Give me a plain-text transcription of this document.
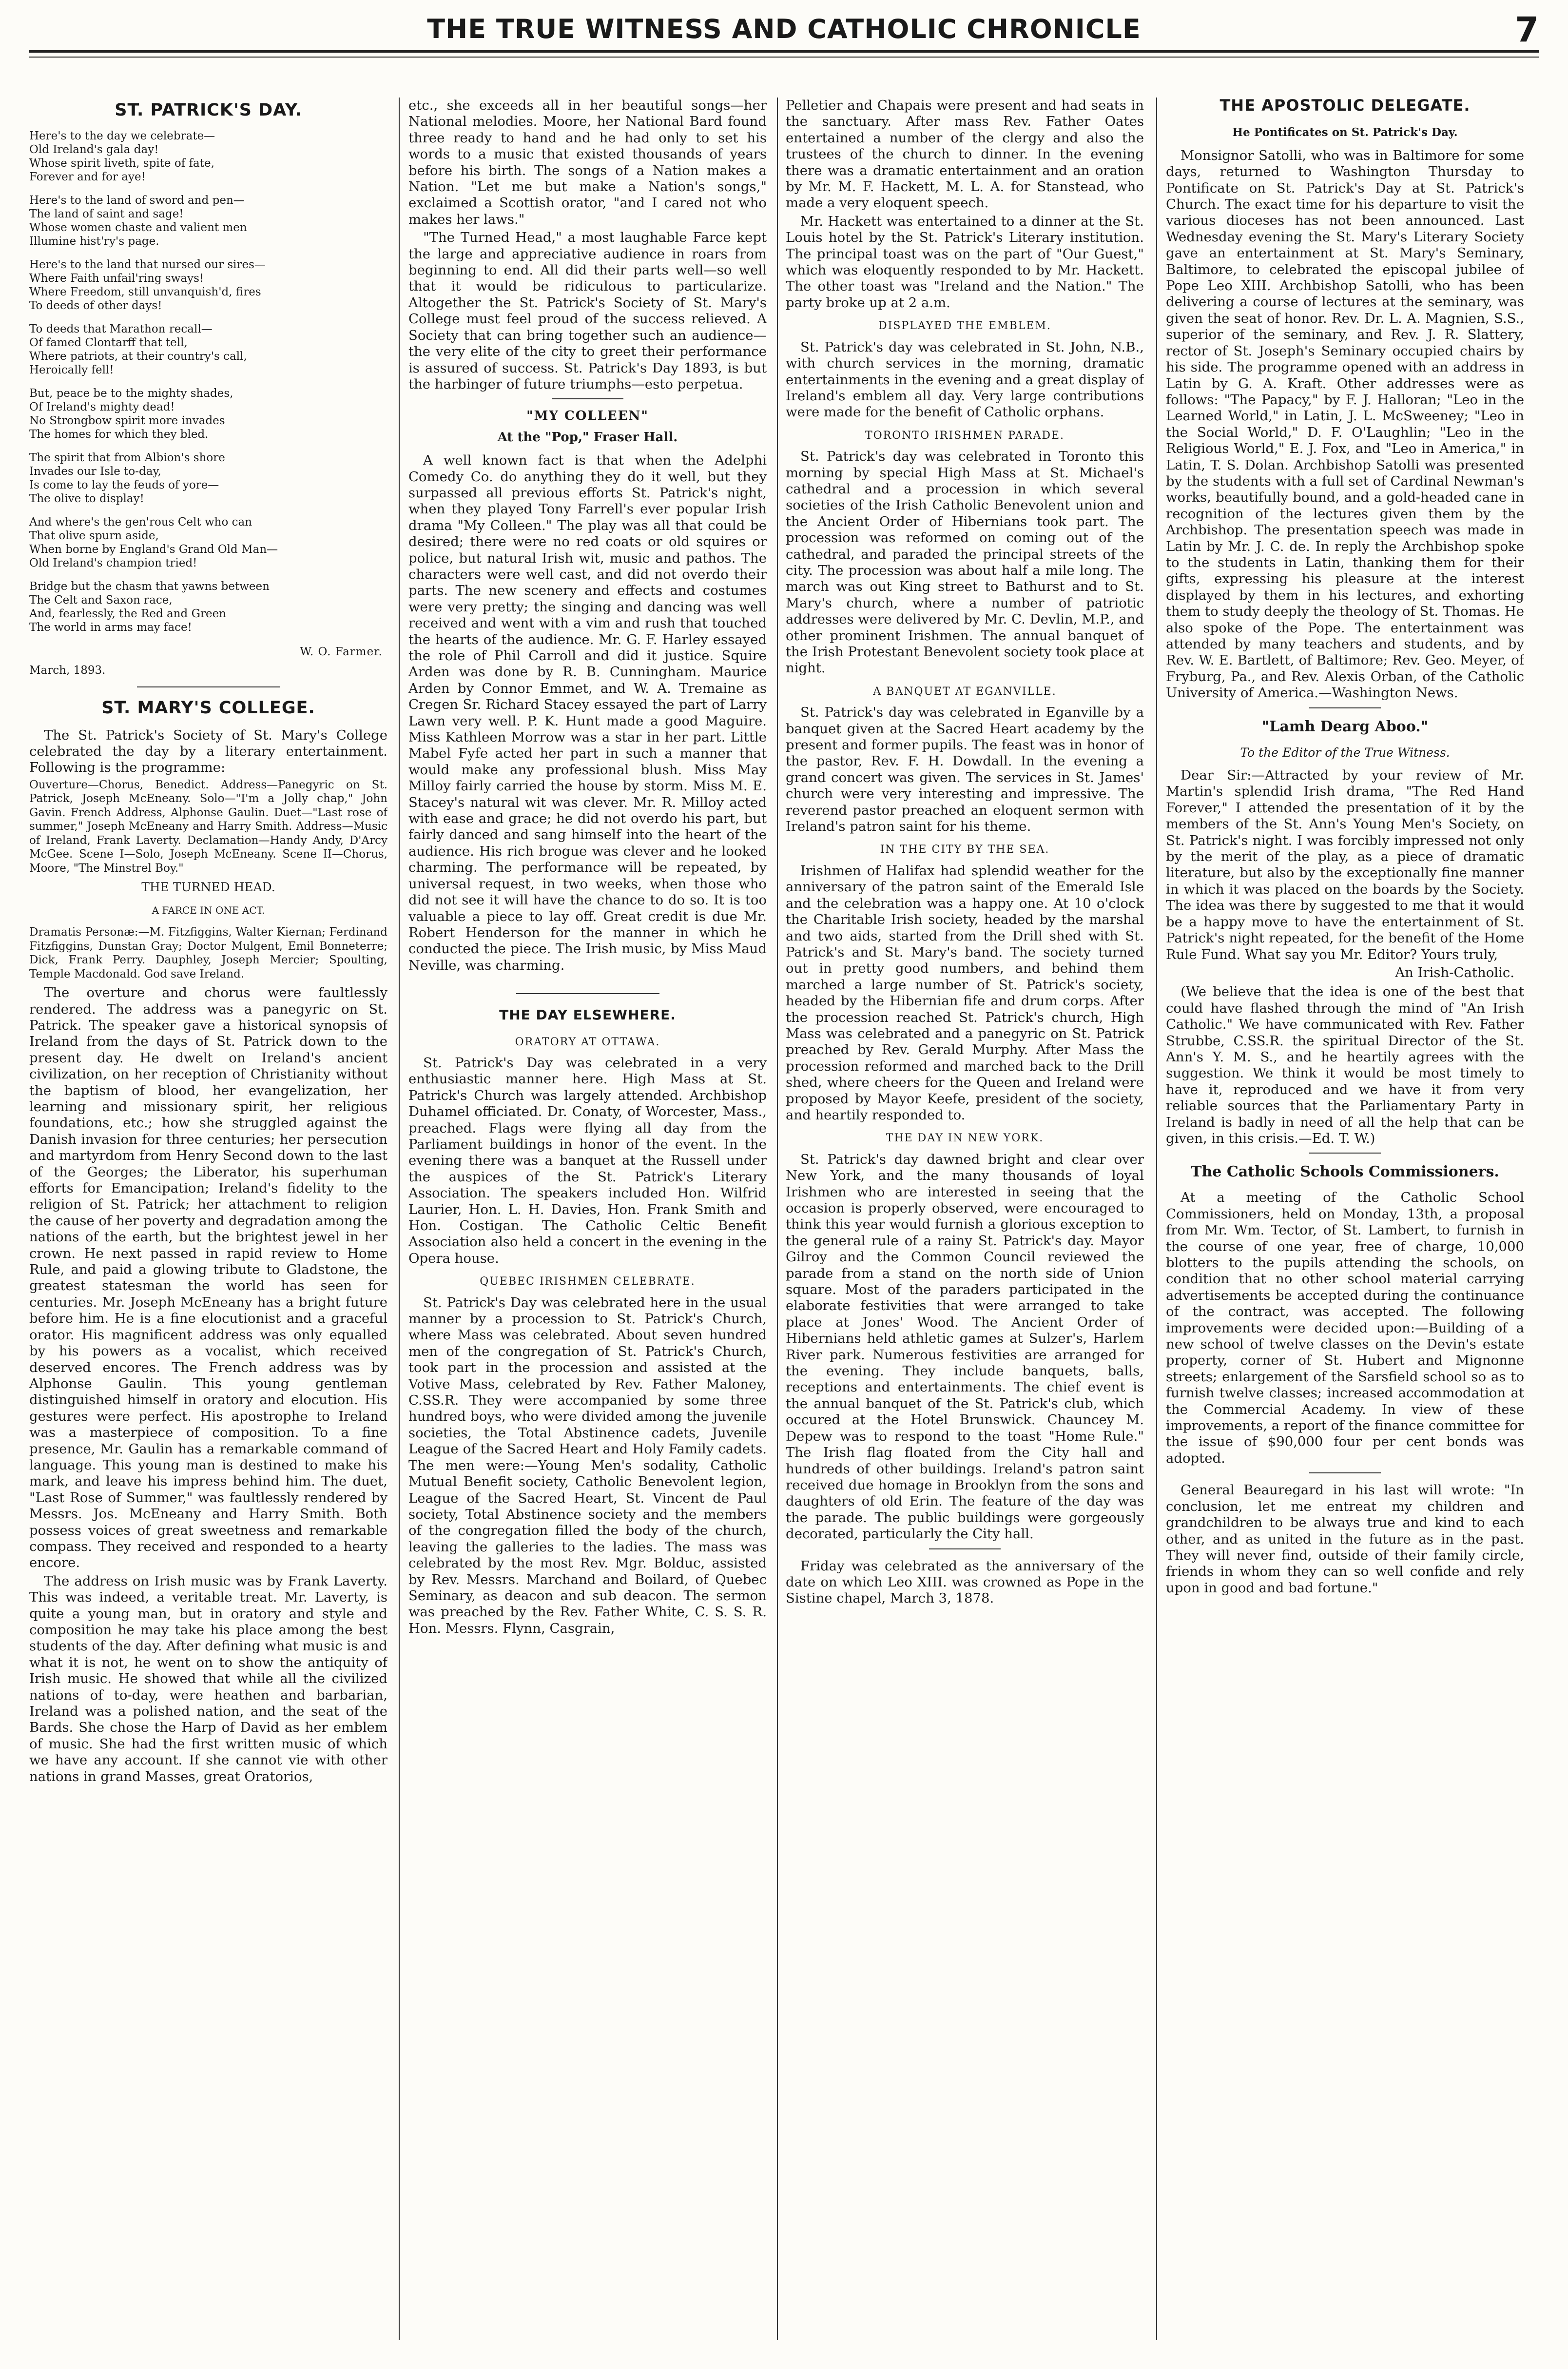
THE TRUE WITNESS AND CATHOLIC CHRONICLE	7
ST. PATRICK'S DAY.
Here's to the day we celebrate—
Old Ireland's gala day!
Whose spirit liveth, spite of fate,
Forever and for aye!
Here's to the land of sword and pen—
The land of saint and sage!
Whose women chaste and valient men
Illumine hist'ry's page.
Here's to the land that nursed our sires—
Where Faith unfail'ring sways!
Where Freedom, still unvanquish'd, fires
To deeds of other days!
To deeds that Marathon recall—
Of famed Clontarff that tell,
Where patriots, at their country's call,
Heroically fell!
But, peace be to the mighty shades,
Of Ireland's mighty dead!
No Strongbow spirit more invades
The homes for which they bled.
The spirit that from Albion's shore
Invades our Isle to-day,
Is come to lay the feuds of yore—
The olive to display!
And where's the gen'rous Celt who can
That olive spurn aside,
When borne by England's Grand Old Man—
Old Ireland's champion tried!
Bridge but the chasm that yawns between
The Celt and Saxon race,
And, fearlessly, the Red and Green
The world in arms may face!
W. O. Farmer.
March, 1893.
ST. MARY'S COLLEGE.

The St. Patrick's Society of St. Mary's College celebrated the day by a literary entertainment. Following is the programme:

Ouverture—Chorus, Benedict. Address—Panegyric on St. Patrick, Joseph McEneany. Solo—"I'm a Jolly chap," John Gavin. French Address, Alphonse Gaulin. Duet—"Last rose of summer," Joseph McEneany and Harry Smith. Address—Music of Ireland, Frank Laverty. Declamation—Handy Andy, D'Arcy McGee. Scene I—Solo, Joseph McEneany. Scene II—Chorus, Moore, "The Minstrel Boy."
THE TURNED HEAD.
A FARCE IN ONE ACT.
Dramatis Personæ:—M. Fitzfiggins, Walter Kiernan; Ferdinand Fitzfiggins, Dunstan Gray; Doctor Mulgent, Emil Bonneterre; Dick, Frank Perry. Dauphley, Joseph Mercier; Spoulting, Temple Macdonald. God save Ireland.

The overture and chorus were faultlessly rendered. The address was a panegyric on St. Patrick. The speaker gave a historical synopsis of Ireland from the days of St. Patrick down to the present day. He dwelt on Ireland's ancient civilization, on her reception of Christianity without the baptism of blood, her evangelization, her learning and missionary spirit, her religious foundations, etc.; how she struggled against the Danish invasion for three centuries; her persecution and martyrdom from Henry Second down to the last of the Georges; the Liberator, his superhuman efforts for Emancipation; Ireland's fidelity to the religion of St. Patrick; her attachment to religion the cause of her poverty and degradation among the nations of the earth, but the brightest jewel in her crown. He next passed in rapid review to Home Rule, and paid a glowing tribute to Gladstone, the greatest statesman the world has seen for centuries. Mr. Joseph McEneany has a bright future before him. He is a fine elocutionist and a graceful orator. His magnificent address was only equalled by his powers as a vocalist, which received deserved encores. The French address was by Alphonse Gaulin. This young gentleman distinguished himself in oratory and elocution. His gestures were perfect. His apostrophe to Ireland was a masterpiece of composition. To a fine presence, Mr. Gaulin has a remarkable command of language. This young man is destined to make his mark, and leave his impress behind him. The duet, "Last Rose of Summer," was faultlessly rendered by Messrs. Jos. McEneany and Harry Smith. Both possess voices of great sweetness and remarkable compass. They received and responded to a hearty encore.

The address on Irish music was by Frank Laverty. This was indeed, a veritable treat. Mr. Laverty, is quite a young man, but in oratory and style and composition he may take his place among the best students of the day. After defining what music is and what it is not, he went on to show the antiquity of Irish music. He showed that while all the civilized nations of to-day, were heathen and barbarian, Ireland was a polished nation, and the seat of the Bards. She chose the Harp of David as her emblem of music. She had the first written music of which we have any account. If she cannot vie with other nations in grand Masses, great Oratorios,

etc., she exceeds all in her beautiful songs—her National melodies. Moore, her National Bard found three ready to hand and he had only to set his words to a music that existed thousands of years before his birth. The songs of a Nation makes a Nation. "Let me but make a Nation's songs," exclaimed a Scottish orator, "and I cared not who makes her laws."

"The Turned Head," a most laughable Farce kept the large and appreciative audience in roars from beginning to end. All did their parts well—so well that it would be ridiculous to particularize. Altogether the St. Patrick's Society of St. Mary's College must feel proud of the success relieved. A Society that can bring together such an audience—the very elite of the city to greet their performance is assured of success. St. Patrick's Day 1893, is but the harbinger of future triumphs—esto perpetua.

"MY COLLEEN"
At the "Pop," Fraser Hall.

A well known fact is that when the Adelphi Comedy Co. do anything they do it well, but they surpassed all previous efforts St. Patrick's night, when they played Tony Farrell's ever popular Irish drama "My Colleen." The play was all that could be desired; there were no red coats or old squires or police, but natural Irish wit, music and pathos. The characters were well cast, and did not overdo their parts. The new scenery and effects and costumes were very pretty; the singing and dancing was well received and went with a vim and rush that touched the hearts of the audience. Mr. G. F. Harley essayed the role of Phil Carroll and did it justice. Squire Arden was done by R. B. Cunningham. Maurice Arden by Connor Emmet, and W. A. Tremaine as Cregen Sr. Richard Stacey essayed the part of Larry Lawn very well. P. K. Hunt made a good Maguire. Miss Kathleen Morrow was a star in her part. Little Mabel Fyfe acted her part in such a manner that would make any professional blush. Miss May Milloy fairly carried the house by storm. Miss M. E. Stacey's natural wit was clever. Mr. R. Milloy acted with ease and grace; he did not overdo his part, but fairly danced and sang himself into the heart of the audience. His rich brogue was clever and he looked charming. The performance will be repeated, by universal request, in two weeks, when those who did not see it will have the chance to do so. It is too valuable a piece to lay off. Great credit is due Mr. Robert Henderson for the manner in which he conducted the piece. The Irish music, by Miss Maud Neville, was charming.

THE DAY ELSEWHERE.
ORATORY AT OTTAWA.

St. Patrick's Day was celebrated in a very enthusiastic manner here. High Mass at St. Patrick's Church was largely attended. Archbishop Duhamel officiated. Dr. Conaty, of Worcester, Mass., preached. Flags were flying all day from the Parliament buildings in honor of the event. In the evening there was a banquet at the Russell under the auspices of the St. Patrick's Literary Association. The speakers included Hon. Wilfrid Laurier, Hon. L. H. Davies, Hon. Frank Smith and Hon. Costigan. The Catholic Celtic Benefit Association also held a concert in the evening in the Opera house.

QUEBEC IRISHMEN CELEBRATE.

St. Patrick's Day was celebrated here in the usual manner by a procession to St. Patrick's Church, where Mass was celebrated. About seven hundred men of the congregation of St. Patrick's Church, took part in the procession and assisted at the Votive Mass, celebrated by Rev. Father Maloney, C.SS.R. They were accompanied by some three hundred boys, who were divided among the juvenile societies, the Total Abstinence cadets, Juvenile League of the Sacred Heart and Holy Family cadets. The men were:—Young Men's sodality, Catholic Mutual Benefit society, Catholic Benevolent legion, League of the Sacred Heart, St. Vincent de Paul society, Total Abstinence society and the members of the congregation filled the body of the church, leaving the galleries to the ladies. The mass was celebrated by the most Rev. Mgr. Bolduc, assisted by Rev. Messrs. Marchand and Boilard, of Quebec Seminary, as deacon and sub deacon. The sermon was preached by the Rev. Father White, C. S. S. R. Hon. Messrs. Flynn, Casgrain,

Pelletier and Chapais were present and had seats in the sanctuary. After mass Rev. Father Oates entertained a number of the clergy and also the trustees of the church to dinner. In the evening there was a dramatic entertainment and an oration by Mr. M. F. Hackett, M. L. A. for Stanstead, who made a very eloquent speech.

Mr. Hackett was entertained to a dinner at the St. Louis hotel by the St. Patrick's Literary institution. The principal toast was on the part of "Our Guest," which was eloquently responded to by Mr. Hackett. The other toast was "Ireland and the Nation." The party broke up at 2 a.m.

DISPLAYED THE EMBLEM.

St. Patrick's day was celebrated in St. John, N.B., with church services in the morning, dramatic entertainments in the evening and a great display of Ireland's emblem all day. Very large contributions were made for the benefit of Catholic orphans.

TORONTO IRISHMEN PARADE.

St. Patrick's day was celebrated in Toronto this morning by special High Mass at St. Michael's cathedral and a procession in which several societies of the Irish Catholic Benevolent union and the Ancient Order of Hibernians took part. The procession was reformed on coming out of the cathedral, and paraded the principal streets of the city. The procession was about half a mile long. The march was out King street to Bathurst and to St. Mary's church, where a number of patriotic addresses were delivered by Mr. C. Devlin, M.P., and other prominent Irishmen. The annual banquet of the Irish Protestant Benevolent society took place at night.

A BANQUET AT EGANVILLE.

St. Patrick's day was celebrated in Eganville by a banquet given at the Sacred Heart academy by the present and former pupils. The feast was in honor of the pastor, Rev. F. H. Dowdall. In the evening a grand concert was given. The services in St. James' church were very interesting and impressive. The reverend pastor preached an eloquent sermon with Ireland's patron saint for his theme.

IN THE CITY BY THE SEA.

Irishmen of Halifax had splendid weather for the anniversary of the patron saint of the Emerald Isle and the celebration was a happy one. At 10 o'clock the Charitable Irish society, headed by the marshal and two aids, started from the Drill shed with St. Patrick's and St. Mary's band. The society turned out in pretty good numbers, and behind them marched a large number of St. Patrick's society, headed by the Hibernian fife and drum corps. After the procession reached St. Patrick's church, High Mass was celebrated and a panegyric on St. Patrick preached by Rev. Gerald Murphy. After Mass the procession reformed and marched back to the Drill shed, where cheers for the Queen and Ireland were proposed by Mayor Keefe, president of the society, and heartily responded to.

THE DAY IN NEW YORK.

St. Patrick's day dawned bright and clear over New York, and the many thousands of loyal Irishmen who are interested in seeing that the occasion is properly observed, were encouraged to think this year would furnish a glorious exception to the general rule of a rainy St. Patrick's day. Mayor Gilroy and the Common Council reviewed the parade from a stand on the north side of Union square. Most of the paraders participated in the elaborate festivities that were arranged to take place at Jones' Wood. The Ancient Order of Hibernians held athletic games at Sulzer's, Harlem River park. Numerous festivities are arranged for the evening. They include banquets, balls, receptions and entertainments. The chief event is the annual banquet of the St. Patrick's club, which occured at the Hotel Brunswick. Chauncey M. Depew was to respond to the toast "Home Rule." The Irish flag floated from the City hall and hundreds of other buildings. Ireland's patron saint received due homage in Brooklyn from the sons and daughters of old Erin. The feature of the day was the parade. The public buildings were gorgeously decorated, particularly the City hall.

Friday was celebrated as the anniversary of the date on which Leo XIII. was crowned as Pope in the Sistine chapel, March 3, 1878.

THE APOSTOLIC DELEGATE.
He Pontificates on St. Patrick's Day.

Monsignor Satolli, who was in Baltimore for some days, returned to Washington Thursday to Pontificate on St. Patrick's Day at St. Patrick's Church. The exact time for his departure to visit the various dioceses has not been announced. Last Wednesday evening the St. Mary's Literary Society gave an entertainment at St. Mary's Seminary, Baltimore, to celebrated the episcopal jubilee of Pope Leo XIII. Archbishop Satolli, who has been delivering a course of lectures at the seminary, was given the seat of honor. Rev. Dr. L. A. Magnien, S.S., superior of the seminary, and Rev. J. R. Slattery, rector of St. Joseph's Seminary occupied chairs by his side. The programme opened with an address in Latin by G. A. Kraft. Other addresses were as follows: "The Papacy," by F. J. Halloran; "Leo in the Learned World," in Latin, J. L. McSweeney; "Leo in the Social World," D. F. O'Laughlin; "Leo in the Religious World," E. J. Fox, and "Leo in America," in Latin, T. S. Dolan. Archbishop Satolli was presented by the students with a full set of Cardinal Newman's works, beautifully bound, and a gold-headed cane in recognition of the lectures given them by the Archbishop. The presentation speech was made in Latin by Mr. J. C. de. In reply the Archbishop spoke to the students in Latin, thanking them for their gifts, expressing his pleasure at the interest displayed by them in his lectures, and exhorting them to study deeply the theology of St. Thomas. He also spoke of the Pope. The entertainment was attended by many teachers and students, and by Rev. W. E. Bartlett, of Baltimore; Rev. Geo. Meyer, of Fryburg, Pa., and Rev. Alexis Orban, of the Catholic University of America.—Washington News.

"Lamh Dearg Aboo."
To the Editor of the True Witness.

Dear Sir:—Attracted by your review of Mr. Martin's splendid Irish drama, "The Red Hand Forever," I attended the presentation of it by the members of the St. Ann's Young Men's Society, on St. Patrick's night. I was forcibly impressed not only by the merit of the play, as a piece of dramatic literature, but also by the exceptionally fine manner in which it was placed on the boards by the Society. The idea was there by suggested to me that it would be a happy move to have the entertainment of St. Patrick's night repeated, for the benefit of the Home Rule Fund. What say you Mr. Editor? Yours truly,

An Irish-Catholic.

(We believe that the idea is one of the best that could have flashed through the mind of "An Irish Catholic." We have communicated with Rev. Father Strubbe, C.SS.R. the spiritual Director of the St. Ann's Y. M. S., and he heartily agrees with the suggestion. We think it would be most timely to have it, reproduced and we have it from very reliable sources that the Parliamentary Party in Ireland is badly in need of all the help that can be given, in this crisis.—Ed. T. W.)

The Catholic Schools Commissioners.

At a meeting of the Catholic School Commissioners, held on Monday, 13th, a proposal from Mr. Wm. Tector, of St. Lambert, to furnish in the course of one year, free of charge, 10,000 blotters to the pupils attending the schools, on condition that no other school material carrying advertisements be accepted during the continuance of the contract, was accepted. The following improvements were decided upon:—Building of a new school of twelve classes on the Devin's estate property, corner of St. Hubert and Mignonne streets; enlargement of the Sarsfield school so as to furnish twelve classes; increased accommodation at the Commercial Academy. In view of these improvements, a report of the finance committee for the issue of $90,000 four per cent bonds was adopted.

General Beauregard in his last will wrote: "In conclusion, let me entreat my children and grandchildren to be always true and kind to each other, and as united in the future as in the past. They will never find, outside of their family circle, friends in whom they can so well confide and rely upon in good and bad fortune."
